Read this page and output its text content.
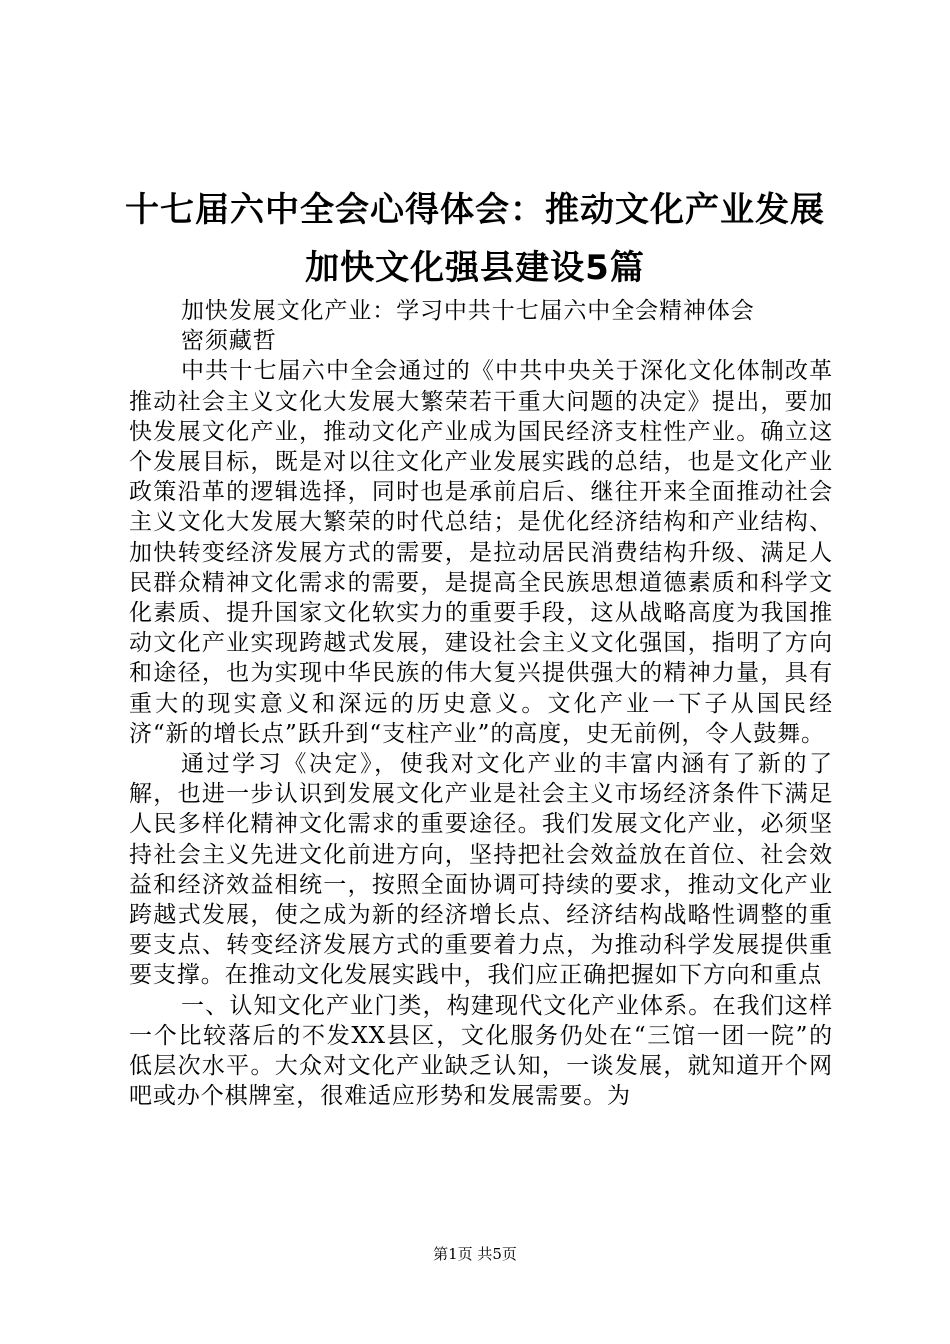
十七届六中全会心得体会：推动文化产业发展
加快文化强县建设5篇

加快发展文化产业：学习中共十七届六中全会精神体会

密须藏哲

中共十七届六中全会通过的《中共中央关于深化文化体制改革推动社会主义文化大发展大繁荣若干重大问题的决定》提出，要加快发展文化产业，推动文化产业成为国民经济支柱性产业。确立这个发展目标，既是对以往文化产业发展实践的总结，也是文化产业政策沿革的逻辑选择，同时也是承前启后、继往开来全面推动社会主义文化大发展大繁荣的时代总结；是优化经济结构和产业结构、加快转变经济发展方式的需要，是拉动居民消费结构升级、满足人民群众精神文化需求的需要，是提高全民族思想道德素质和科学文化素质、提升国家文化软实力的重要手段，这从战略高度为我国推动文化产业实现跨越式发展，建设社会主义文化强国，指明了方向和途径，也为实现中华民族的伟大复兴提供强大的精神力量，具有重大的现实意义和深远的历史意义。文化产业一下子从国民经济“新的增长点”跃升到“支柱产业”的高度，史无前例，令人鼓舞。

通过学习《决定》，使我对文化产业的丰富内涵有了新的了解，也进一步认识到发展文化产业是社会主义市场经济条件下满足人民多样化精神文化需求的重要途径。我们发展文化产业，必须坚持社会主义先进文化前进方向，坚持把社会效益放在首位、社会效益和经济效益相统一，按照全面协调可持续的要求，推动文化产业跨越式发展，使之成为新的经济增长点、经济结构战略性调整的重要支点、转变经济发展方式的重要着力点，为推动科学发展提供重要支撑。在推动文化发展实践中，我们应正确把握如下方向和重点

一、认知文化产业门类，构建现代文化产业体系。在我们这样一个比较落后的不发XX县区，文化服务仍处在“三馆一团一院”的低层次水平。大众对文化产业缺乏认知，一谈发展，就知道开个网吧或办个棋牌室，很难适应形势和发展需要。为

第1页 共5页
